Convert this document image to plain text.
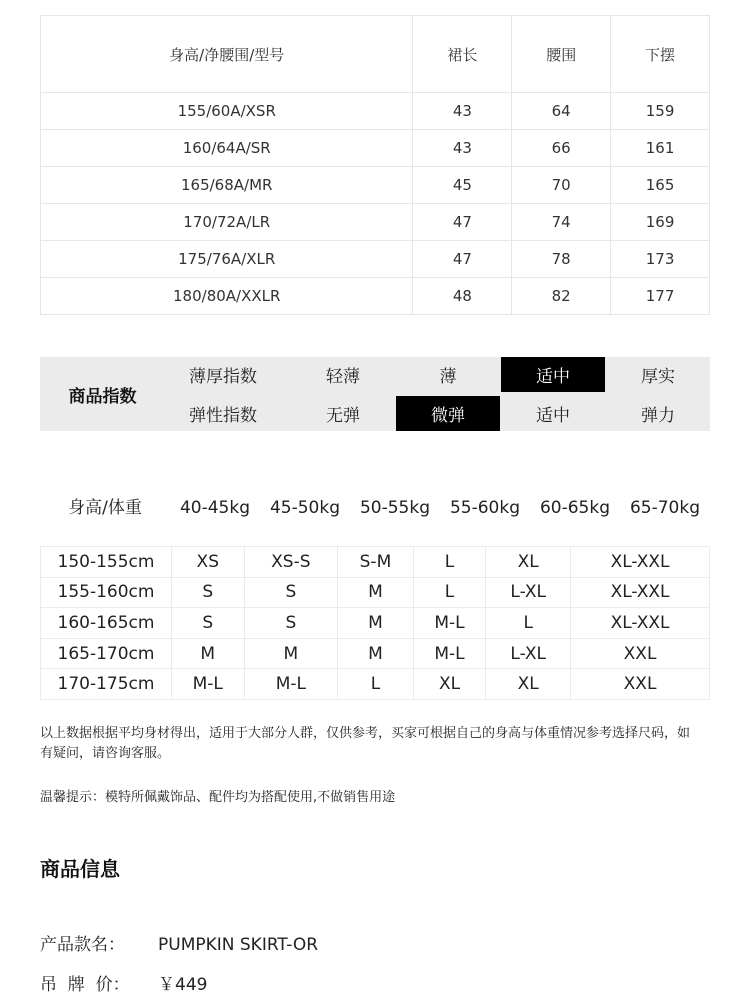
身高/净腰围/型号	裙长	腰围	下摆
155/60A/XSR	43	64	159
160/64A/SR	43	66	161
165/68A/MR	45	70	165
170/72A/LR	47	74	169
175/76A/XLR	47	78	173
180/80A/XXLR	48	82	177
商品指数
薄厚指数	轻薄	薄	适中	厚实
弹性指数	无弹	微弹	适中	弹力
身高/体重	40-45kg	45-50kg	50-55kg	55-60kg	60-65kg	65-70kg
150-155cm	XS	XS-S	S-M	L	XL	XL-XXL
155-160cm	S	S	M	L	L-XL	XL-XXL
160-165cm	S	S	M	M-L	L	XL-XXL
165-170cm	M	M	M	M-L	L-XL	XXL
170-175cm	M-L	M-L	L	XL	XL	XXL
以上数据根据平均身材得出，适用于大部分人群，仅供参考，买家可根据自己的身高与体重情况参考选择尺码，如有疑问，请咨询客服。
温馨提示：模特所佩戴饰品、配件均为搭配使用,不做销售用途
商品信息
产品款名： PUMPKIN SKIRT-OR
吊  牌  价： ￥449
